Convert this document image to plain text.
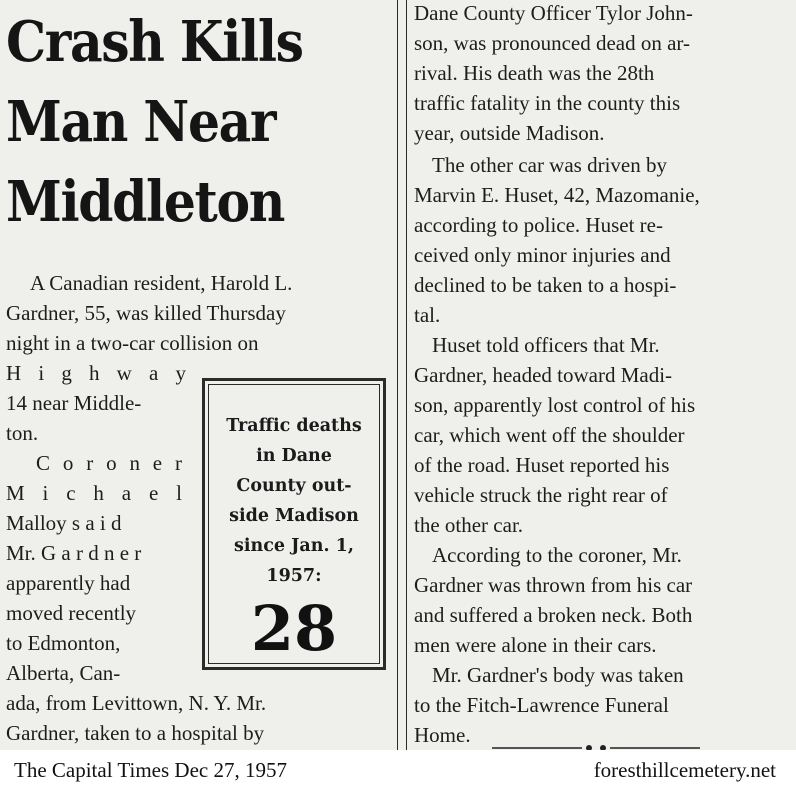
Crash Kills
Man Near
Middleton
A Canadian resident, Harold L.
Gardner, 55, was killed Thursday
night in a two-car collision on
H i g h w a y
14 near Middle-
ton.
C o r o n e r
M i c h a e l
Malloy s a i d
Mr. G a r d n e r
apparently had
moved recently
to Edmonton,
Alberta, Can-
ada, from Levittown, N. Y. Mr.
Gardner, taken to a hospital by
Traffic deaths
in Dane
County out-
side Madison
since Jan. 1,
1957:
28
Dane County Officer Tylor John-
son, was pronounced dead on ar-
rival. His death was the 28th
traffic fatality in the county this
year, outside Madison.
The other car was driven by
Marvin E. Huset, 42, Mazomanie,
according to police. Huset re-
ceived only minor injuries and
declined to be taken to a hospi-
tal.
Huset told officers that Mr.
Gardner, headed toward Madi-
son, apparently lost control of his
car, which went off the shoulder
of the road. Huset reported his
vehicle struck the right rear of
the other car.
According to the coroner, Mr.
Gardner was thrown from his car
and suffered a broken neck. Both
men were alone in their cars.
Mr. Gardner's body was taken
to the Fitch-Lawrence Funeral
Home.
The Capital Times Dec 27, 1957	foresthillcemetery.net
